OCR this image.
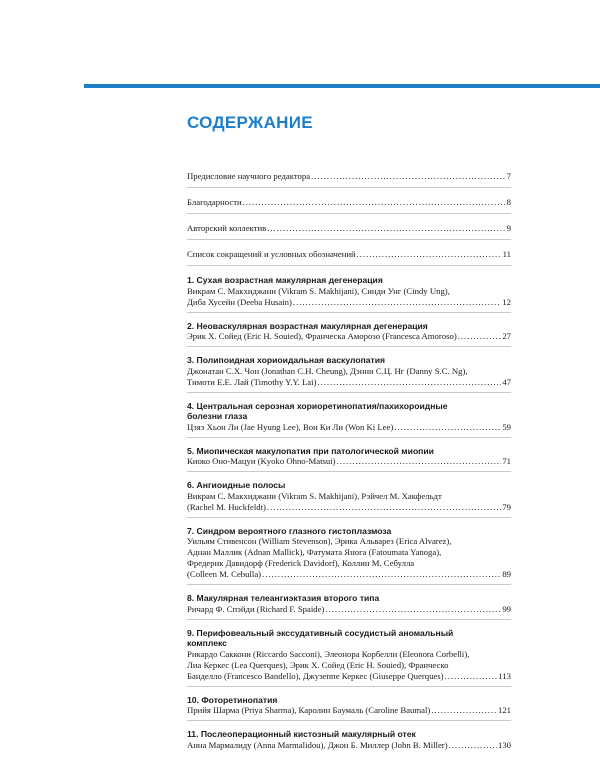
СОДЕРЖАНИЕ
Предисловие научного редактора . . .	7
Благодарности . . .	8
Авторский коллектив . . .	9
Список сокращений и условных обозначений . . .	11
1. Сухая возрастная макулярная дегенерация
Викрам С. Макхиджани (Vikram S. Makhijani), Синди Унг (Cindy Ung),
Диба Хусейн (Deeba Husain) . . .	12
2. Неоваскулярная возрастная макулярная дегенерация
Эрик Х. Сойед (Eric H. Souied), Франческа Аморозо (Francesca Amoroso) . . .	27
3. Полипоидная хориоидальная васкулопатия
Джонатан С.Х. Чон (Jonathan C.H. Cheung), Дэнни С.Ц. Нг (Danny S.C. Ng),
Тимоти Е.Е. Лай (Timothy Y.Y. Lai) . . .	47
4. Центральная серозная хориоретинопатия/пахихороидные
болезни глаза
Цзяэ Хьон Ли (Jae Hyung Lee), Вон Ки Ли (Won Ki Lee) . . .	59
5. Миопическая макулопатия при патологической миопии
Киоко Оно-Мацуи (Kyoko Ohno-Matsui) . . .	71
6. Ангиоидные полосы
Викрам С. Макхиджани (Vikram S. Makhijani), Рэйчел М. Хакфельдт
(Rachel M. Huckfeldt) . . .	79
7. Синдром вероятного глазного гистоплазмоза
Уильям Стивенсон (William Stevenson), Эрика Альварез (Erica Alvarez),
Аднан Маллик (Adnan Mallick), Фатумата Янога (Fatoumata Yanoga),
Фредерик Давидорф (Frederick Davidorf), Коллин М. Себулла
(Colleen M. Cebulla) . . .	89
8. Макулярная телеангиэктазия второго типа
Ричард Ф. Спэйди (Richard F. Spaide) . . .	99
9. Перифовеальный экссудативный сосудистый аномальный
комплекс
Рикардо Саккони (Riccardo Sacconi), Элеонора Корбелли (Eleonora Corbelli),
Лиа Керкес (Lea Querques), Эрик Х. Сойед (Eric H. Souied), Франческо
Банделло (Francesco Bandello), Джузеппе Керкес (Giuseppe Querques) . . .	113
10. Фоторетинопатия
Прийя Шарма (Priya Sharma), Каролин Бaумаль (Caroline Baumal) . . .	121
11. Послеоперационный кистозный макулярный отек
Анна Мармалиду (Anna Marmalidou), Джон Б. Миллер (John B. Miller) . . .	130
